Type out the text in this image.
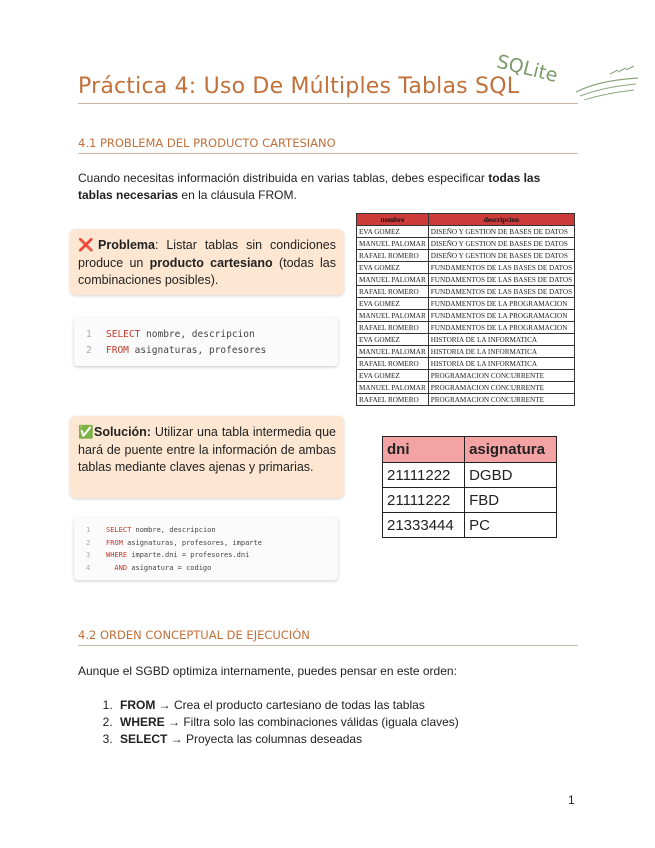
Práctica 4: Uso De Múltiples Tablas SQL
SQLite
4.1 PROBLEMA DEL PRODUCTO CARTESIANO
Cuando necesitas información distribuida en varias tablas, debes especificar todas las tablas necesarias en la cláusula FROM.
❌Problema: Listar tablas sin condiciones produce un producto cartesiano (todas las combinaciones posibles).
1 SELECT nombre, descripcion
2 FROM asignaturas, profesores
nombre	descripcion
EVA GOMEZ	DISEÑO Y GESTION DE BASES DE DATOS
MANUEL PALOMAR	DISEÑO Y GESTION DE BASES DE DATOS
RAFAEL ROMERO	DISEÑO Y GESTION DE BASES DE DATOS
EVA GOMEZ	FUNDAMENTOS DE LAS BASES DE DATOS
MANUEL PALOMAR	FUNDAMENTOS DE LAS BASES DE DATOS
RAFAEL ROMERO	FUNDAMENTOS DE LAS BASES DE DATOS
EVA GOMEZ	FUNDAMENTOS DE LA PROGRAMACION
MANUEL PALOMAR	FUNDAMENTOS DE LA PROGRAMACION
RAFAEL ROMERO	FUNDAMENTOS DE LA PROGRAMACION
EVA GOMEZ	HISTORIA DE LA INFORMATICA
MANUEL PALOMAR	HISTORIA DE LA INFORMATICA
RAFAEL ROMERO	HISTORIA DE LA INFORMATICA
EVA GOMEZ	PROGRAMACION CONCURRENTE
MANUEL PALOMAR	PROGRAMACION CONCURRENTE
RAFAEL ROMERO	PROGRAMACION CONCURRENTE
✅Solución: Utilizar una tabla intermedia que hará de puente entre la información de ambas tablas mediante claves ajenas y primarias.
1 SELECT nombre, descripcion
2 FROM asignaturas, profesores, imparte
3 WHERE imparte.dni = profesores.dni
4  AND asignatura = codigo
dni	asignatura
21111222	DGBD
21111222	FBD
21333444	PC
4.2 ORDEN CONCEPTUAL DE EJECUCIÓN
Aunque el SGBD optimiza internamente, puedes pensar en este orden:
1. FROM → Crea el producto cartesiano de todas las tablas
2. WHERE → Filtra solo las combinaciones válidas (iguala claves)
3. SELECT → Proyecta las columnas deseadas
1
